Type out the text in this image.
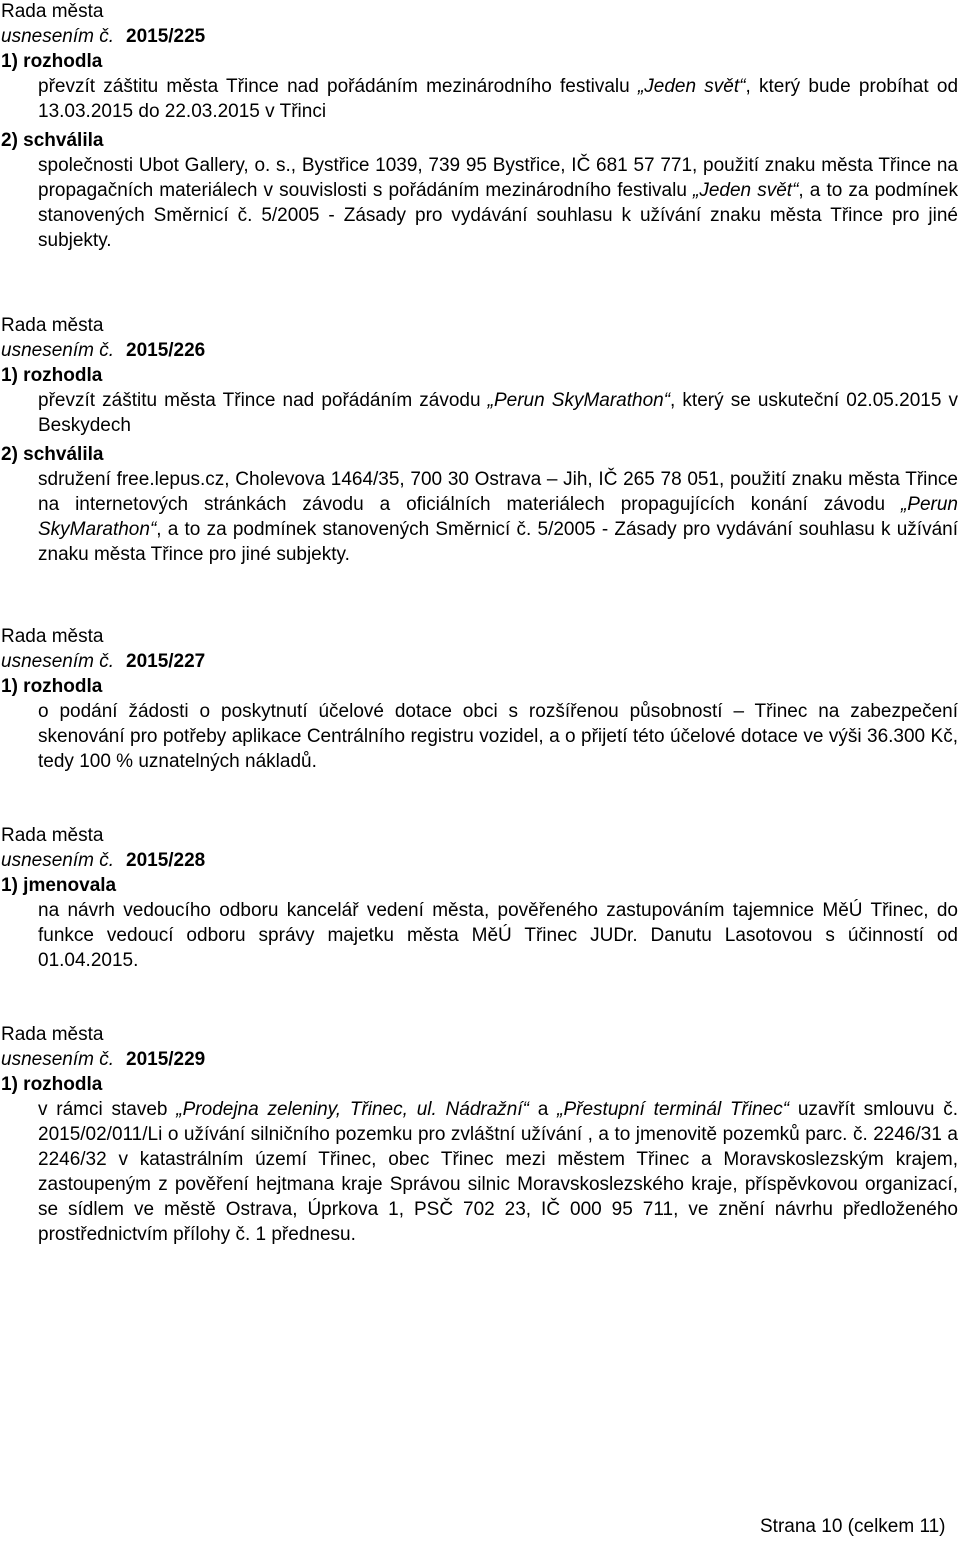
Rada města
usnesením č. 2015/225
1) rozhodla
převzít záštitu města Třince nad pořádáním mezinárodního festivalu „Jeden svět“, který bude probíhat od 13.03.2015 do 22.03.2015 v Třinci
2) schválila
společnosti Ubot Gallery, o. s., Bystřice 1039, 739 95 Bystřice, IČ 681 57 771, použití znaku města Třince na propagačních materiálech v souvislosti s pořádáním mezinárodního festivalu „Jeden svět“, a to za podmínek stanovených Směrnicí č. 5/2005 - Zásady pro vydávání souhlasu k užívání znaku města Třince pro jiné subjekty.
Rada města
usnesením č. 2015/226
1) rozhodla
převzít záštitu města Třince nad pořádáním závodu „Perun SkyMarathon“, který se uskuteční 02.05.2015 v Beskydech
2) schválila
sdružení free.lepus.cz, Cholevova 1464/35, 700 30 Ostrava – Jih, IČ 265 78 051, použití znaku města Třince na internetových stránkách závodu a oficiálních materiálech propagujících konání závodu „Perun SkyMarathon“, a to za podmínek stanovených Směrnicí č. 5/2005 - Zásady pro vydávání souhlasu k užívání znaku města Třince pro jiné subjekty.
Rada města
usnesením č. 2015/227
1) rozhodla
o podání žádosti o poskytnutí účelové dotace obci s rozšířenou působností – Třinec na zabezpečení skenování pro potřeby aplikace Centrálního registru vozidel, a o přijetí této účelové dotace ve výši 36.300 Kč, tedy 100 % uznatelných nákladů.
Rada města
usnesením č. 2015/228
1) jmenovala
na návrh vedoucího odboru kancelář vedení města, pověřeného zastupováním tajemnice MěÚ Třinec, do funkce vedoucí odboru správy majetku města MěÚ Třinec JUDr. Danutu Lasotovou s účinností od 01.04.2015.
Rada města
usnesením č. 2015/229
1) rozhodla
v rámci staveb „Prodejna zeleniny, Třinec, ul. Nádražní“ a „Přestupní terminál Třinec“ uzavřít smlouvu č. 2015/02/011/Li o užívání silničního pozemku pro zvláštní užívání , a to jmenovitě pozemků parc. č. 2246/31 a 2246/32 v katastrálním území Třinec, obec Třinec mezi městem Třinec a Moravskoslezským krajem, zastoupeným z pověření hejtmana kraje Správou silnic Moravskoslezského kraje, příspěvkovou organizací, se sídlem ve městě Ostrava, Úprkova 1, PSČ 702 23, IČ 000 95 711, ve znění návrhu předloženého prostřednictvím přílohy č. 1 přednesu.
Strana 10 (celkem 11)
